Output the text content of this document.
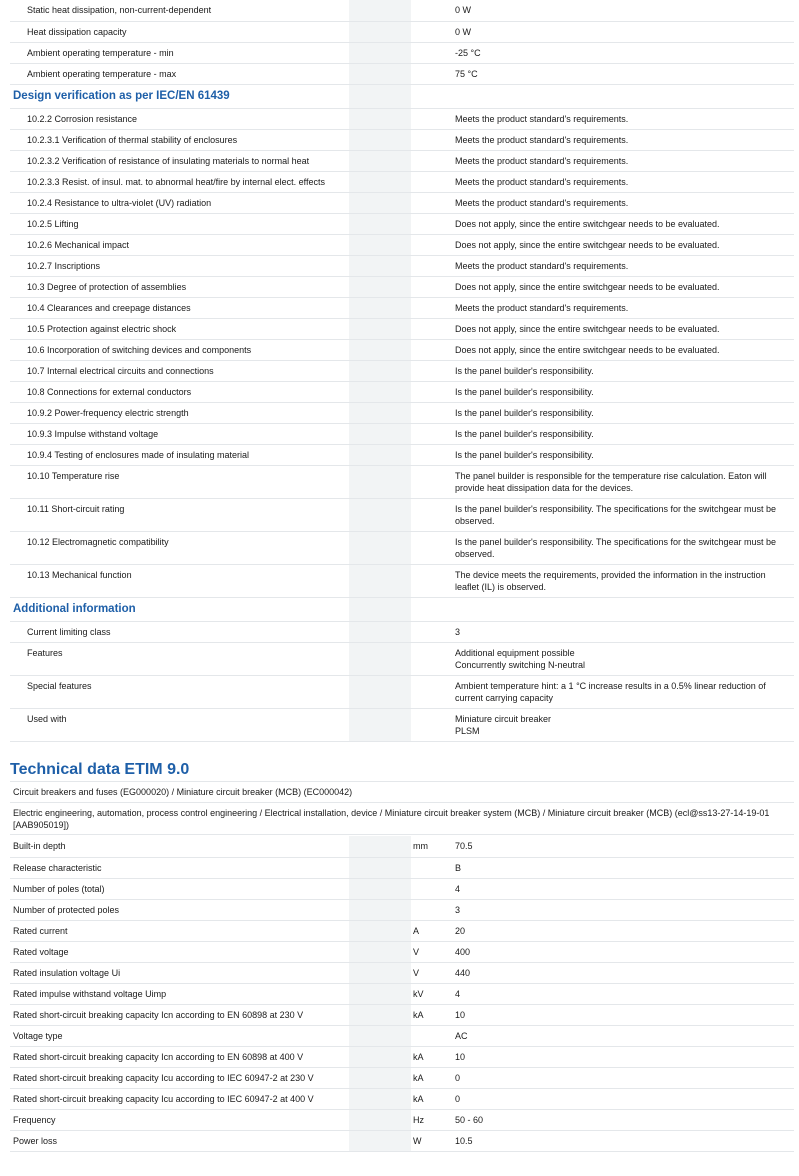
Static heat dissipation, non-current-dependent			0 W
Heat dissipation capacity			0 W
Ambient operating temperature - min			-25 °C
Ambient operating temperature - max			75 °C
Design verification as per IEC/EN 61439			
10.2.2 Corrosion resistance			Meets the product standard's requirements.
10.2.3.1 Verification of thermal stability of enclosures			Meets the product standard's requirements.
10.2.3.2 Verification of resistance of insulating materials to normal heat			Meets the product standard's requirements.
10.2.3.3 Resist. of insul. mat. to abnormal heat/fire by internal elect. effects			Meets the product standard's requirements.
10.2.4 Resistance to ultra-violet (UV) radiation			Meets the product standard's requirements.
10.2.5 Lifting			Does not apply, since the entire switchgear needs to be evaluated.
10.2.6 Mechanical impact			Does not apply, since the entire switchgear needs to be evaluated.
10.2.7 Inscriptions			Meets the product standard's requirements.
10.3 Degree of protection of assemblies			Does not apply, since the entire switchgear needs to be evaluated.
10.4 Clearances and creepage distances			Meets the product standard's requirements.
10.5 Protection against electric shock			Does not apply, since the entire switchgear needs to be evaluated.
10.6 Incorporation of switching devices and components			Does not apply, since the entire switchgear needs to be evaluated.
10.7 Internal electrical circuits and connections			Is the panel builder's responsibility.
10.8 Connections for external conductors			Is the panel builder's responsibility.
10.9.2 Power-frequency electric strength			Is the panel builder's responsibility.
10.9.3 Impulse withstand voltage			Is the panel builder's responsibility.
10.9.4 Testing of enclosures made of insulating material			Is the panel builder's responsibility.
10.10 Temperature rise			The panel builder is responsible for the temperature rise calculation. Eaton will provide heat dissipation data for the devices.
10.11 Short-circuit rating			Is the panel builder's responsibility. The specifications for the switchgear must be observed.
10.12 Electromagnetic compatibility			Is the panel builder's responsibility. The specifications for the switchgear must be observed.
10.13 Mechanical function			The device meets the requirements, provided the information in the instruction leaflet (IL) is observed.
Additional information			
Current limiting class			3
Features			Additional equipment possible
Concurrently switching N-neutral

Special features			Ambient temperature hint: a 1 °C increase results in a 0.5% linear reduction of current carrying capacity
Used with			Miniature circuit breaker
PLSM
Technical data ETIM 9.0
Circuit breakers and fuses (EG000020) / Miniature circuit breaker (MCB) (EC000042)
Electric engineering, automation, process control engineering / Electrical installation, device / Miniature circuit breaker system (MCB) / Miniature circuit breaker (MCB) (ecl@ss13-27-14-19-01 [AAB905019])
Built-in depth		mm	70.5
Release characteristic			B
Number of poles (total)			4
Number of protected poles			3
Rated current		A	20
Rated voltage		V	400
Rated insulation voltage Ui		V	440
Rated impulse withstand voltage Uimp		kV	4
Rated short-circuit breaking capacity Icn according to EN 60898 at 230 V		kA	10
Voltage type			AC
Rated short-circuit breaking capacity Icn according to EN 60898 at 400 V		kA	10
Rated short-circuit breaking capacity Icu according to IEC 60947-2 at 230 V		kA	0
Rated short-circuit breaking capacity Icu according to IEC 60947-2 at 400 V		kA	0
Frequency		Hz	50 - 60
Power loss		W	10.5
